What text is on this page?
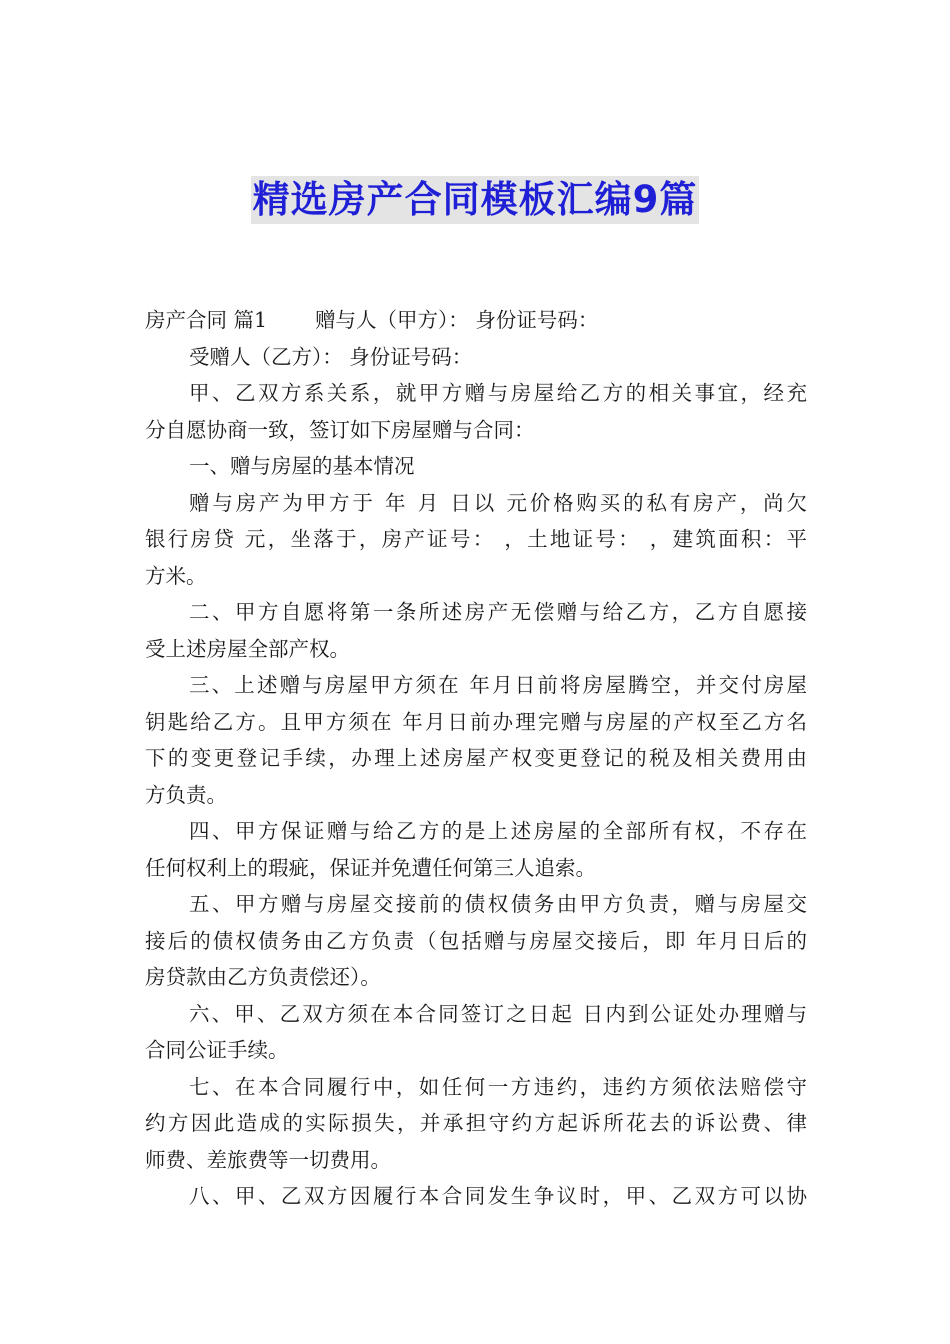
精选房产合同模板汇编9篇
房产合同 篇1 赠与人（甲方）： 身份证号码：
受赠人（乙方）： 身份证号码：
甲、乙双方系关系，就甲方赠与房屋给乙方的相关事宜，经充
分自愿协商一致，签订如下房屋赠与合同：
一、赠与房屋的基本情况
赠与房产为甲方于 年 月 日以 元价格购买的私有房产，尚欠
银行房贷 元，坐落于，房产证号： ，土地证号： ，建筑面积：平
方米。
二、甲方自愿将第一条所述房产无偿赠与给乙方，乙方自愿接
受上述房屋全部产权。
三、上述赠与房屋甲方须在 年月日前将房屋腾空，并交付房屋
钥匙给乙方。且甲方须在 年月日前办理完赠与房屋的产权至乙方名
下的变更登记手续，办理上述房屋产权变更登记的税及相关费用由
方负责。
四、甲方保证赠与给乙方的是上述房屋的全部所有权，不存在
任何权利上的瑕疵，保证并免遭任何第三人追索。
五、甲方赠与房屋交接前的债权债务由甲方负责，赠与房屋交
接后的债权债务由乙方负责（包括赠与房屋交接后，即 年月日后的
房贷款由乙方负责偿还）。
六、甲、乙双方须在本合同签订之日起 日内到公证处办理赠与
合同公证手续。
七、在本合同履行中，如任何一方违约，违约方须依法赔偿守
约方因此造成的实际损失，并承担守约方起诉所花去的诉讼费、律
师费、差旅费等一切费用。
八、甲、乙双方因履行本合同发生争议时，甲、乙双方可以协
